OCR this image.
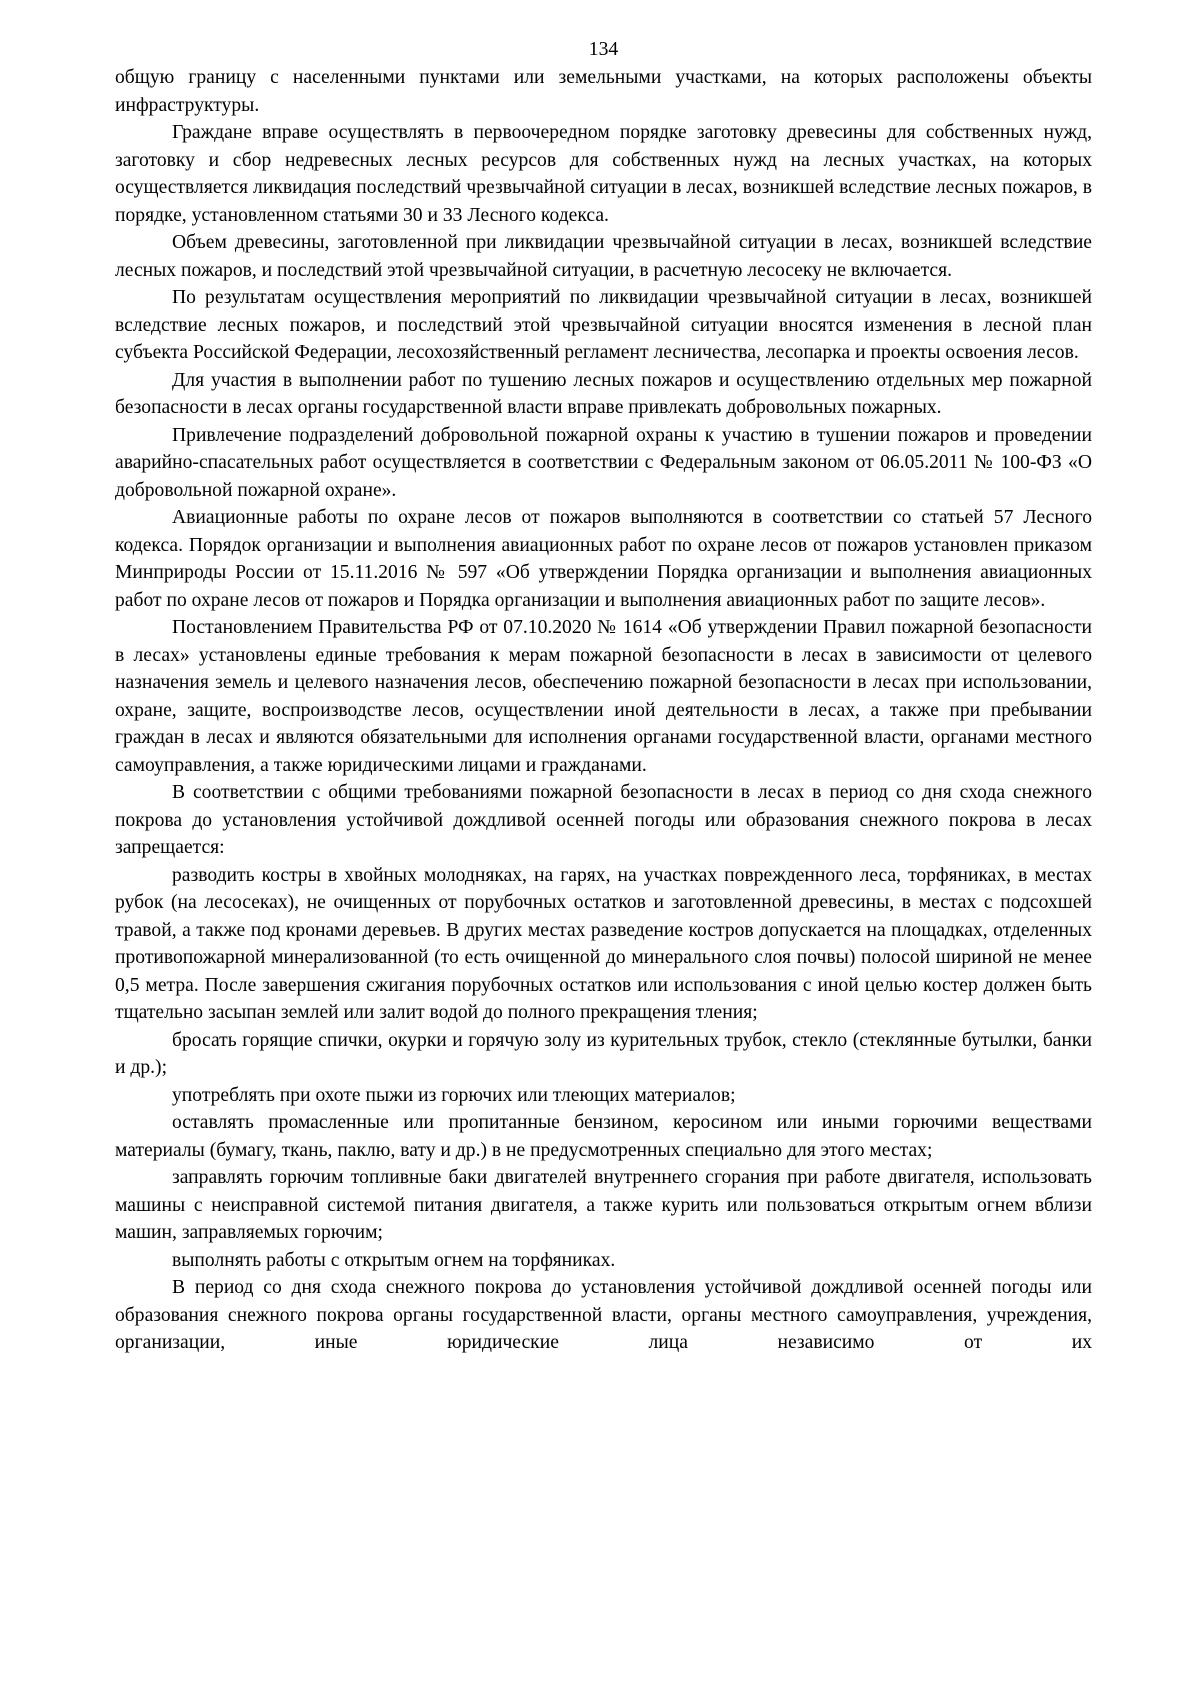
134

общую границу с населенными пунктами или земельными участками, на которых расположены объекты инфраструктуры.

Граждане вправе осуществлять в первоочередном порядке заготовку древесины для собственных нужд, заготовку и сбор недревесных лесных ресурсов для собственных нужд на лесных участках, на которых осуществляется ликвидация последствий чрезвычайной ситуации в лесах, возникшей вследствие лесных пожаров, в порядке, установленном статьями 30 и 33 Лесного кодекса.

Объем древесины, заготовленной при ликвидации чрезвычайной ситуации в лесах, возникшей вследствие лесных пожаров, и последствий этой чрезвычайной ситуации, в расчетную лесосеку не включается.

По результатам осуществления мероприятий по ликвидации чрезвычайной ситуации в лесах, возникшей вследствие лесных пожаров, и последствий этой чрезвычайной ситуации вносятся изменения в лесной план субъекта Российской Федерации, лесохозяйственный регламент лесничества, лесопарка и проекты освоения лесов.

Для участия в выполнении работ по тушению лесных пожаров и осуществлению отдельных мер пожарной безопасности в лесах органы государственной власти вправе привлекать добровольных пожарных.

Привлечение подразделений добровольной пожарной охраны к участию в тушении пожаров и проведении аварийно-спасательных работ осуществляется в соответствии с Федеральным законом от 06.05.2011 № 100-ФЗ «О добровольной пожарной охране».

Авиационные работы по охране лесов от пожаров выполняются в соответствии со статьей 57 Лесного кодекса. Порядок организации и выполнения авиационных работ по охране лесов от пожаров установлен приказом Минприроды России от 15.11.2016 № 597 «Об утверждении Порядка организации и выполнения авиационных работ по охране лесов от пожаров и Порядка организации и выполнения авиационных работ по защите лесов».

Постановлением Правительства РФ от 07.10.2020 № 1614 «Об утверждении Правил пожарной безопасности в лесах» установлены единые требования к мерам пожарной безопасности в лесах в зависимости от целевого назначения земель и целевого назначения лесов, обеспечению пожарной безопасности в лесах при использовании, охране, защите, воспроизводстве лесов, осуществлении иной деятельности в лесах, а также при пребывании граждан в лесах и являются обязательными для исполнения органами государственной власти, органами местного самоуправления, а также юридическими лицами и гражданами.

В соответствии с общими требованиями пожарной безопасности в лесах в период со дня схода снежного покрова до установления устойчивой дождливой осенней погоды или образования снежного покрова в лесах запрещается:

разводить костры в хвойных молодняках, на гарях, на участках поврежденного леса, торфяниках, в местах рубок (на лесосеках), не очищенных от порубочных остатков и заготовленной древесины, в местах с подсохшей травой, а также под кронами деревьев. В других местах разведение костров допускается на площадках, отделенных противопожарной минерализованной (то есть очищенной до минерального слоя почвы) полосой шириной не менее 0,5 метра. После завершения сжигания порубочных остатков или использования с иной целью костер должен быть тщательно засыпан землей или залит водой до полного прекращения тления;

бросать горящие спички, окурки и горячую золу из курительных трубок, стекло (стеклянные бутылки, банки и др.);

употреблять при охоте пыжи из горючих или тлеющих материалов;

оставлять промасленные или пропитанные бензином, керосином или иными горючими веществами материалы (бумагу, ткань, паклю, вату и др.) в не предусмотренных специально для этого местах;

заправлять горючим топливные баки двигателей внутреннего сгорания при работе двигателя, использовать машины с неисправной системой питания двигателя, а также курить или пользоваться открытым огнем вблизи машин, заправляемых горючим;

выполнять работы с открытым огнем на торфяниках.

В период со дня схода снежного покрова до установления устойчивой дождливой осенней погоды или образования снежного покрова органы государственной власти, органы местного самоуправления, учреждения, организации, иные юридические лица независимо от их
